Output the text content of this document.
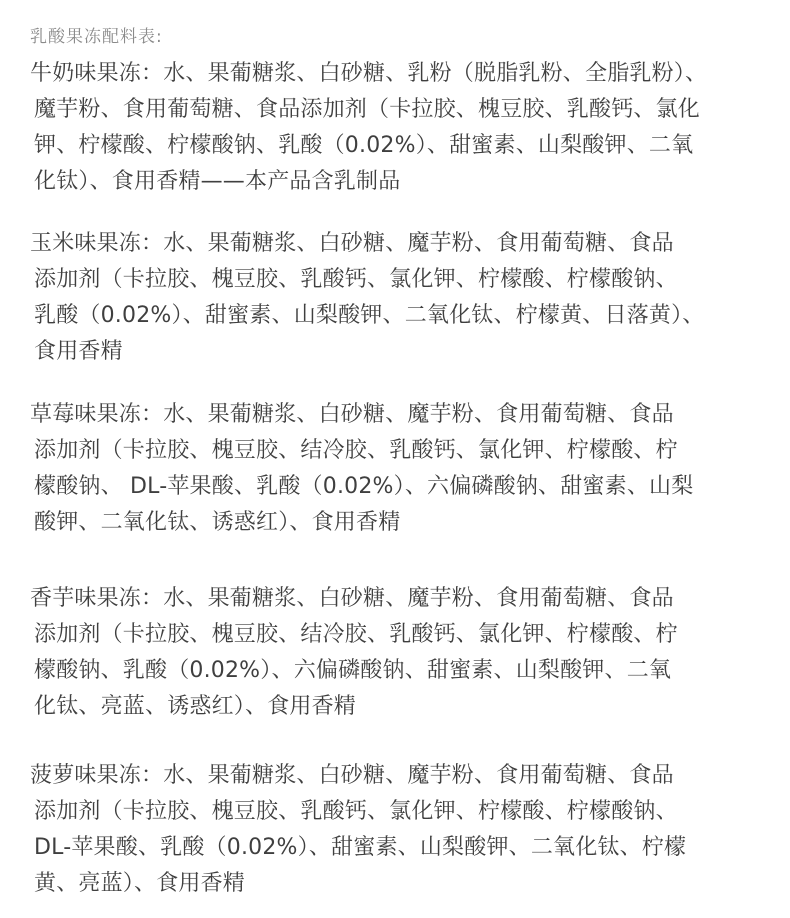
乳酸果冻配料表:
牛奶味果冻：水、果葡糖浆、白砂糖、乳粉（脱脂乳粉、全脂乳粉）、
魔芋粉、食用葡萄糖、食品添加剂（卡拉胶、槐豆胶、乳酸钙、氯化
钾、柠檬酸、柠檬酸钠、乳酸（0.02%）、甜蜜素、山梨酸钾、二氧
化钛）、食用香精——本产品含乳制品
玉米味果冻：水、果葡糖浆、白砂糖、魔芋粉、食用葡萄糖、食品
添加剂（卡拉胶、槐豆胶、乳酸钙、氯化钾、柠檬酸、柠檬酸钠、
乳酸（0.02%）、甜蜜素、山梨酸钾、二氧化钛、柠檬黄、日落黄）、
食用香精
草莓味果冻：水、果葡糖浆、白砂糖、魔芋粉、食用葡萄糖、食品
添加剂（卡拉胶、槐豆胶、结冷胶、乳酸钙、氯化钾、柠檬酸、柠
檬酸钠、 DL-苹果酸、乳酸（0.02%）、六偏磷酸钠、甜蜜素、山梨
酸钾、二氧化钛、诱惑红）、食用香精
香芋味果冻：水、果葡糖浆、白砂糖、魔芋粉、食用葡萄糖、食品
添加剂（卡拉胶、槐豆胶、结冷胶、乳酸钙、氯化钾、柠檬酸、柠
檬酸钠、乳酸（0.02%）、六偏磷酸钠、甜蜜素、山梨酸钾、二氧
化钛、亮蓝、诱惑红）、食用香精
菠萝味果冻：水、果葡糖浆、白砂糖、魔芋粉、食用葡萄糖、食品
添加剂（卡拉胶、槐豆胶、乳酸钙、氯化钾、柠檬酸、柠檬酸钠、
DL-苹果酸、乳酸（0.02%）、甜蜜素、山梨酸钾、二氧化钛、柠檬
黄、亮蓝）、食用香精
